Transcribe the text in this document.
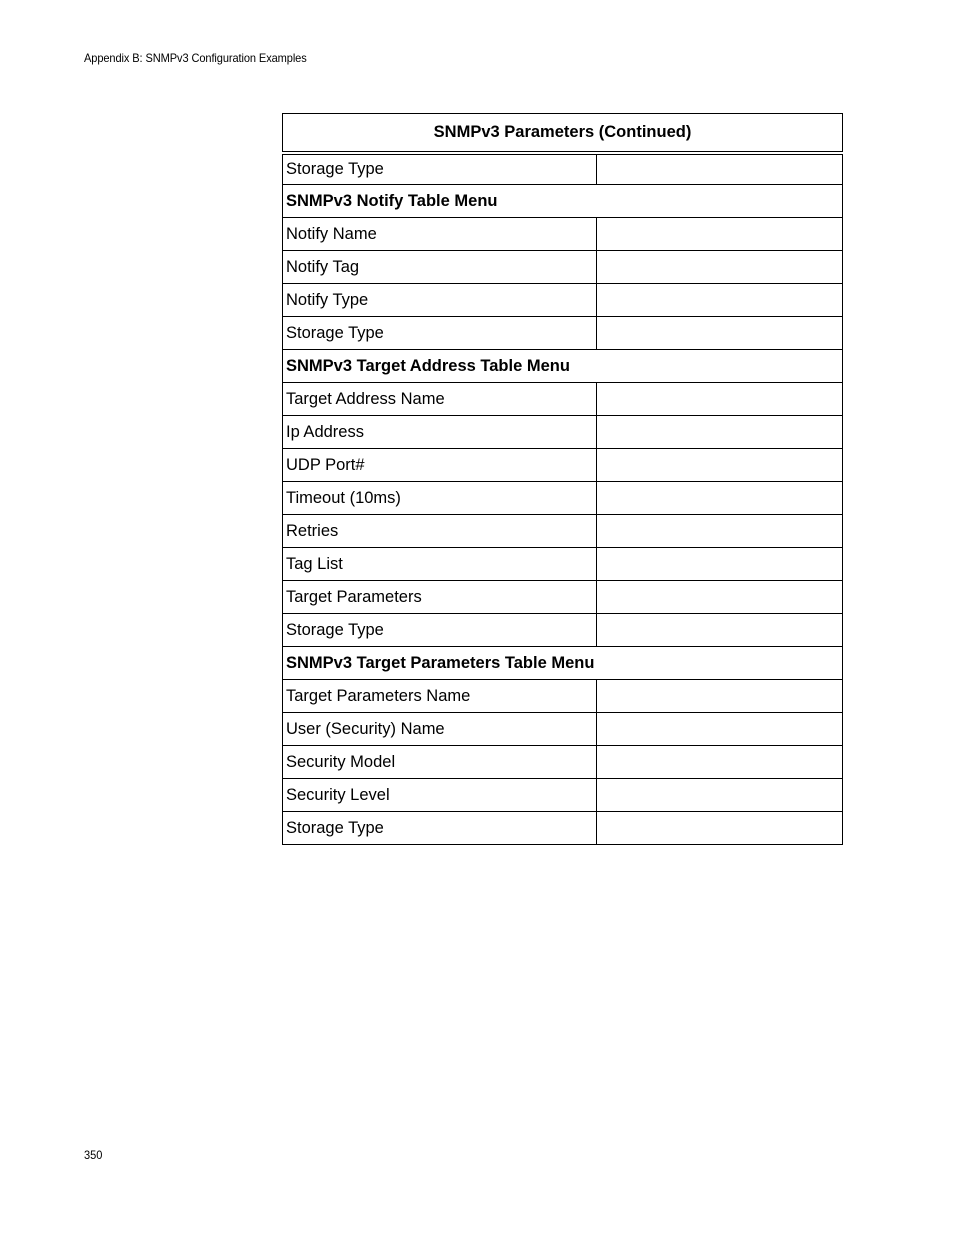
Appendix B: SNMPv3 Configuration Examples
SNMPv3 Parameters (Continued)	
Storage Type	
SNMPv3 Notify Table Menu	
Notify Name	
Notify Tag	
Notify Type	
Storage Type	
SNMPv3 Target Address Table Menu	
Target Address Name	
Ip Address	
UDP Port#	
Timeout (10ms)	
Retries	
Tag List	
Target Parameters	
Storage Type	
SNMPv3 Target Parameters Table Menu	
Target Parameters Name	
User (Security) Name	
Security Model	
Security Level	
Storage Type	
350
